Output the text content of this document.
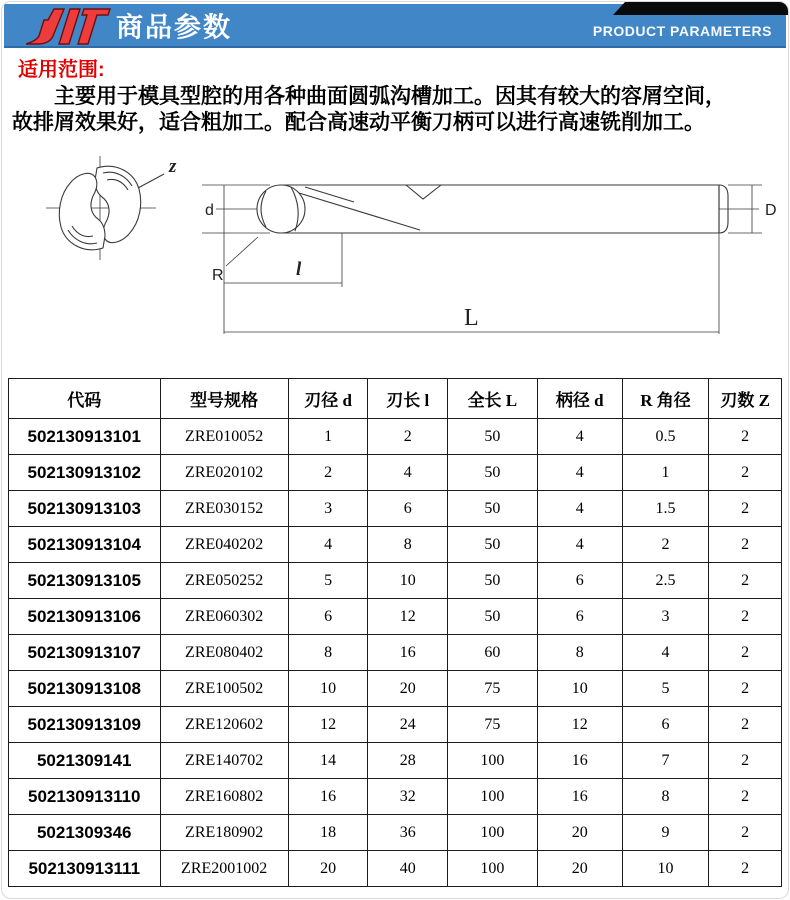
商品参数	PRODUCT PARAMETERS
适用范围:
主要用于模具型腔的用各种曲面圆弧沟槽加工。因其有较大的容屑空间，
故排屑效果好，适合粗加工。配合高速动平衡刀柄可以进行高速铣削加工。
z
d
R	l
D
L
代码	型号规格	刃径 d	刃长 l	全长 L	柄径 d	R 角径	刃数 Z
502130913101	ZRE010052	1	2	50	4	0.5	2
502130913102	ZRE020102	2	4	50	4	1	2
502130913103	ZRE030152	3	6	50	4	1.5	2
502130913104	ZRE040202	4	8	50	4	2	2
502130913105	ZRE050252	5	10	50	6	2.5	2
502130913106	ZRE060302	6	12	50	6	3	2
502130913107	ZRE080402	8	16	60	8	4	2
502130913108	ZRE100502	10	20	75	10	5	2
502130913109	ZRE120602	12	24	75	12	6	2
5021309141	ZRE140702	14	28	100	16	7	2
502130913110	ZRE160802	16	32	100	16	8	2
5021309346	ZRE180902	18	36	100	20	9	2
502130913111	ZRE2001002	20	40	100	20	10	2
